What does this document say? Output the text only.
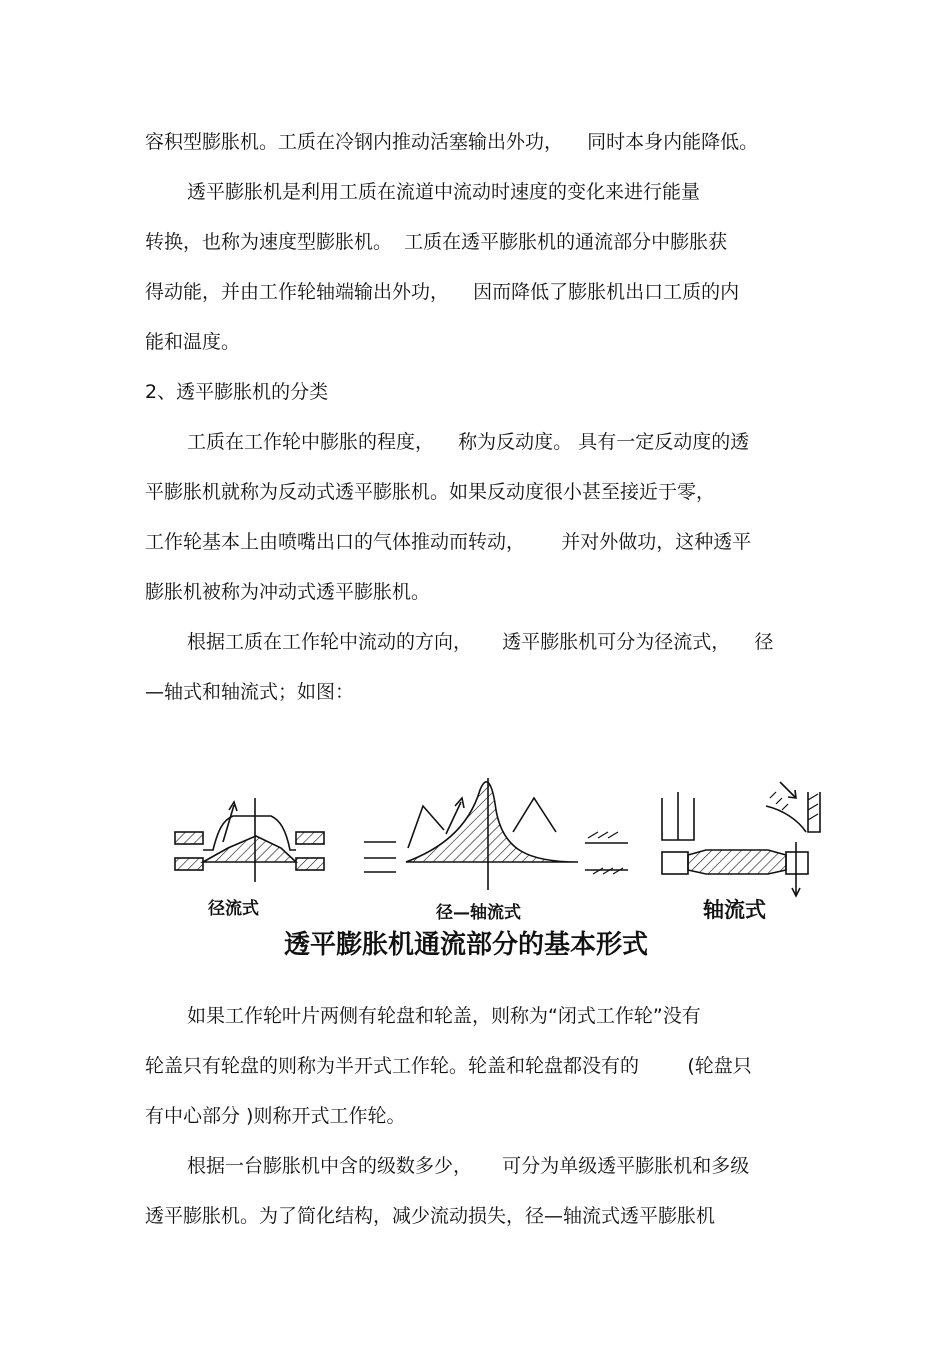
容积型膨胀机。工质在冷钢内推动活塞输出外功，    同时本身内能降低。
透平膨胀机是利用工质在流道中流动时速度的变化来进行能量
转换，也称为速度型膨胀机。  工质在透平膨胀机的通流部分中膨胀获
得动能，并由工作轮轴端输出外功，    因而降低了膨胀机出口工质的内
能和温度。
2、透平膨胀机的分类
工质在工作轮中膨胀的程度，    称为反动度。 具有一定反动度的透
平膨胀机就称为反动式透平膨胀机。如果反动度很小甚至接近于零，
工作轮基本上由喷嘴出口的气体推动而转动，      并对外做功，这种透平
膨胀机被称为冲动式透平膨胀机。
根据工质在工作轮中流动的方向，     透平膨胀机可分为径流式，    径
—轴式和轴流式；如图：
径流式	径—轴流式	轴流式
透平膨胀机通流部分的基本形式
如果工作轮叶片两侧有轮盘和轮盖，则称为“闭式工作轮”没有
轮盖只有轮盘的则称为半开式工作轮。轮盖和轮盘都没有的        (轮盘只
有中心部分 )则称开式工作轮。
根据一台膨胀机中含的级数多少，     可分为单级透平膨胀机和多级
透平膨胀机。为了简化结构，减少流动损失，径—轴流式透平膨胀机
